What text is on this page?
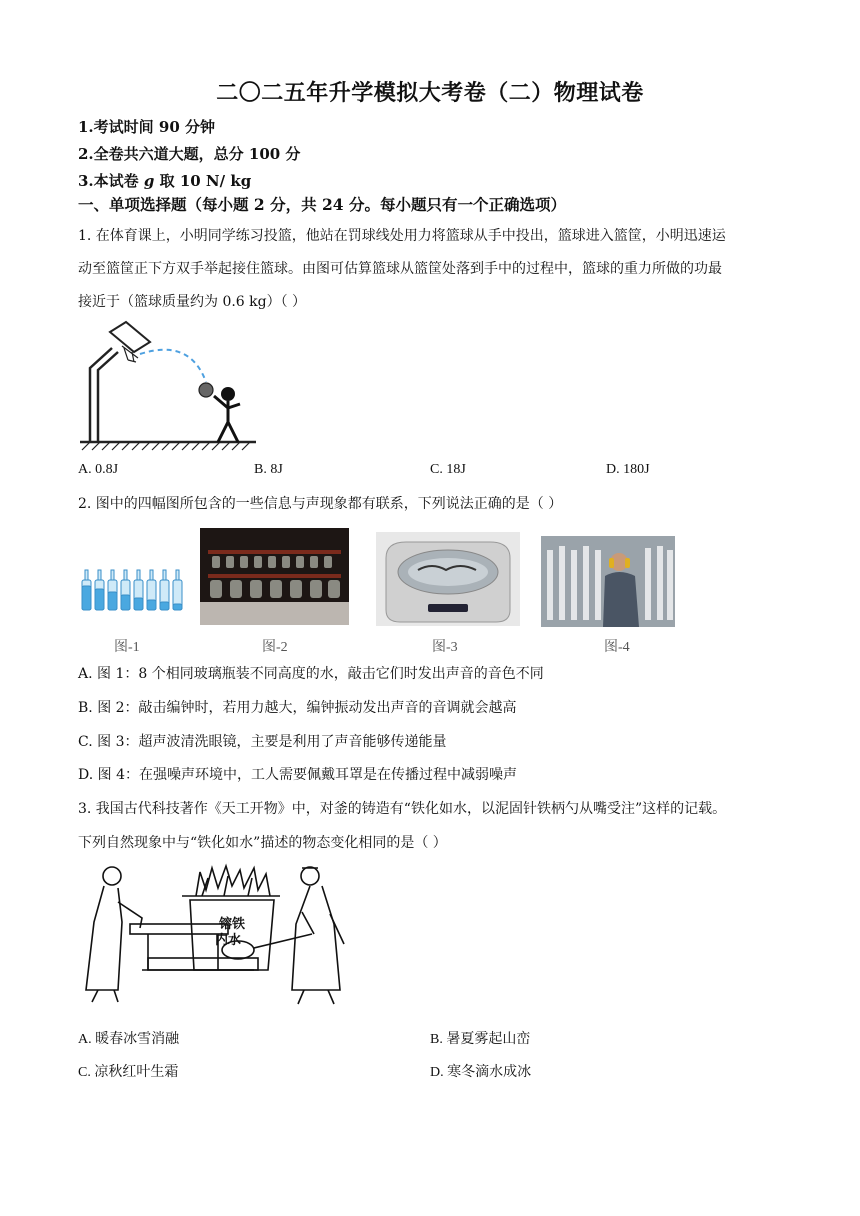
二〇二五年升学模拟大考卷（二）物理试卷
1.考试时间 90 分钟
2.全卷共六道大题，总分 100 分
3.本试卷 g 取 10 N/ kg
一、单项选择题（每小题 2 分，共 24 分。每小题只有一个正确选项）
1. 在体育课上，小明同学练习投篮，他站在罚球线处用力将篮球从手中投出，篮球进入篮筐，小明迅速运
动至篮筐正下方双手举起接住篮球。由图可估算篮球从篮筐处落到手中的过程中，篮球的重力所做的功最
接近于（篮球质量约为 0.6 kg）（ ）
A. 0.8J	B. 8J	C. 18J	D. 180J
2. 图中的四幅图所包含的一些信息与声现象都有联系，下列说法正确的是（ ）
图-1	图-2	图-3	图-4
A. 图 1：8 个相同玻璃瓶装不同高度的水，敲击它们时发出声音的音色不同
B. 图 2：敲击编钟时，若用力越大，编钟振动发出声音的音调就会越高
C. 图 3：超声波清洗眼镜，主要是利用了声音能够传递能量
D. 图 4：在强噪声环境中，工人需要佩戴耳罩是在传播过程中减弱噪声
3. 我国古代科技著作《天工开物》中，对釜的铸造有“铁化如水，以泥固针铁柄勺从嘴受注”这样的记载。
下列自然现象中与“铁化如水”描述的物态变化相同的是（ ）
镕铁
内水
A. 暖春冰雪消融	B. 暑夏雾起山峦
C. 凉秋红叶生霜	D. 寒冬滴水成冰
